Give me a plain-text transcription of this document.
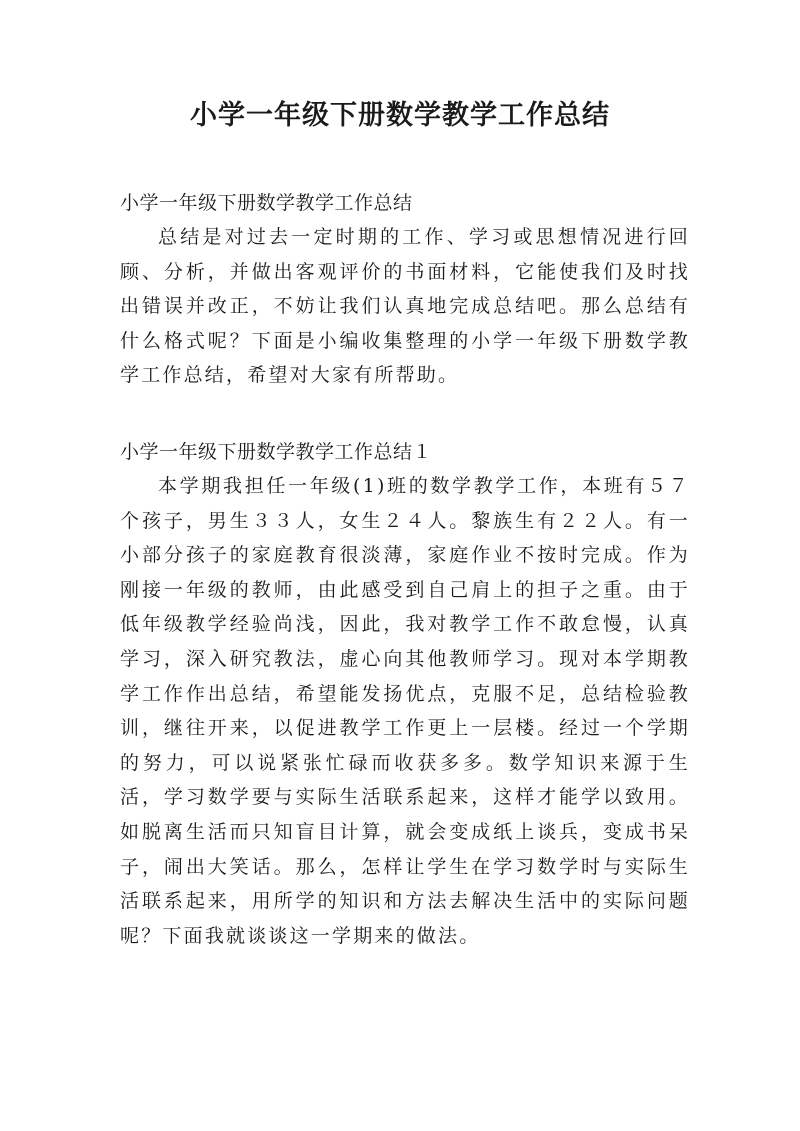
小学一年级下册数学教学工作总结
小学一年级下册数学教学工作总结

总结是对过去一定时期的工作、学习或思想情况进行回顾、分析，并做出客观评价的书面材料，它能使我们及时找出错误并改正，不妨让我们认真地完成总结吧。那么总结有什么格式呢？下面是小编收集整理的小学一年级下册数学教学工作总结，希望对大家有所帮助。

小学一年级下册数学教学工作总结１

本学期我担任一年级(1)班的数学教学工作，本班有５７个孩子，男生３３人，女生２４人。黎族生有２２人。有一小部分孩子的家庭教育很淡薄，家庭作业不按时完成。作为刚接一年级的教师，由此感受到自己肩上的担子之重。由于低年级教学经验尚浅，因此，我对教学工作不敢怠慢，认真学习，深入研究教法，虚心向其他教师学习。现对本学期教学工作作出总结，希望能发扬优点，克服不足，总结检验教训，继往开来，以促进教学工作更上一层楼。经过一个学期的努力，可以说紧张忙碌而收获多多。数学知识来源于生活，学习数学要与实际生活联系起来，这样才能学以致用。如脱离生活而只知盲目计算，就会变成纸上谈兵，变成书呆子，闹出大笑话。那么，怎样让学生在学习数学时与实际生活联系起来，用所学的知识和方法去解决生活中的实际问题呢？下面我就谈谈这一学期来的做法。
